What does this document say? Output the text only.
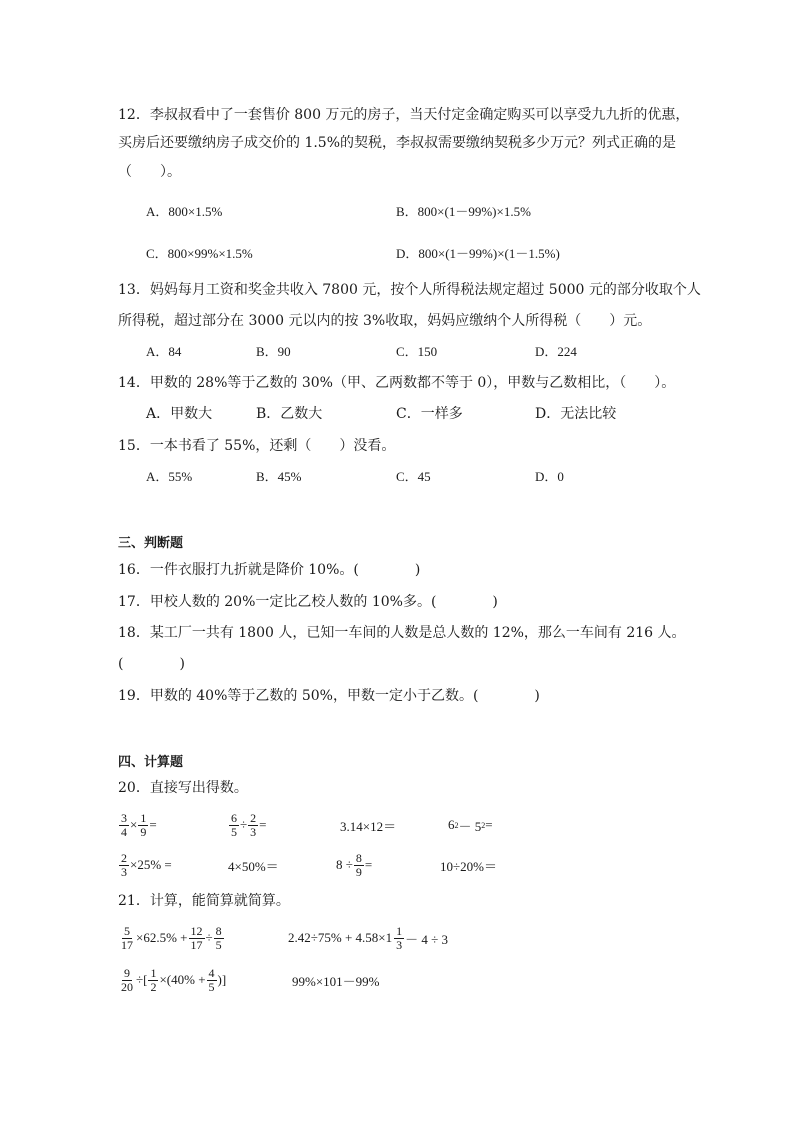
12．李叔叔看中了一套售价 800 万元的房子，当天付定金确定购买可以享受九九折的优惠，
买房后还要缴纳房子成交价的 1.5%的契税，李叔叔需要缴纳契税多少万元？列式正确的是
（　　）。
A．800×1.5%	B．800×(1－99%)×1.5%
C．800×99%×1.5%	D．800×(1－99%)×(1－1.5%)
13．妈妈每月工资和奖金共收入 7800 元，按个人所得税法规定超过 5000 元的部分收取个人
所得税，超过部分在 3000 元以内的按 3%收取，妈妈应缴纳个人所得税（　　）元。
A．84	B．90	C．150	D．224
14．甲数的 28%等于乙数的 30%（甲、乙两数都不等于 0），甲数与乙数相比，（　　）。
A．甲数大	B．乙数大	C．一样多	D．无法比较
15．一本书看了 55%，还剩（　　）没看。
A．55%	B．45%	C．45	D．0
三、判断题
16．一件衣服打九折就是降价 10%。(　　　　)
17．甲校人数的 20%一定比乙校人数的 10%多。(　　　　)
18．某工厂一共有 1800 人，已知一车间的人数是总人数的 12%，那么一车间有 216 人。
(　　　　)
19．甲数的 40%等于乙数的 50%，甲数一定小于乙数。(　　　　)
四、计算题
20．直接写出得数。
$\frac{3}{4} \times \frac{1}{9}$ =	$\frac{6}{5} \div \frac{2}{3}$ =	3.14×12＝	6 2 － 5 2 =
$\frac{2}{3} \times 25\%$ =	4×50%＝	$8 \div \frac{8}{9}$ =	10÷20%＝
21．计算，能简算就简算。
$\frac{5}{17} \times 62.5\% + \frac{12}{17} \div \frac{8}{5}$	$2.42\div 75\% + 4.58\times 1 \frac{1}{3} - 4 \div 3$
$\frac{9}{20}$ ÷[ $\frac{1}{2} \times(40\% + \frac{4}{5}$ )]	99%×101－99%
